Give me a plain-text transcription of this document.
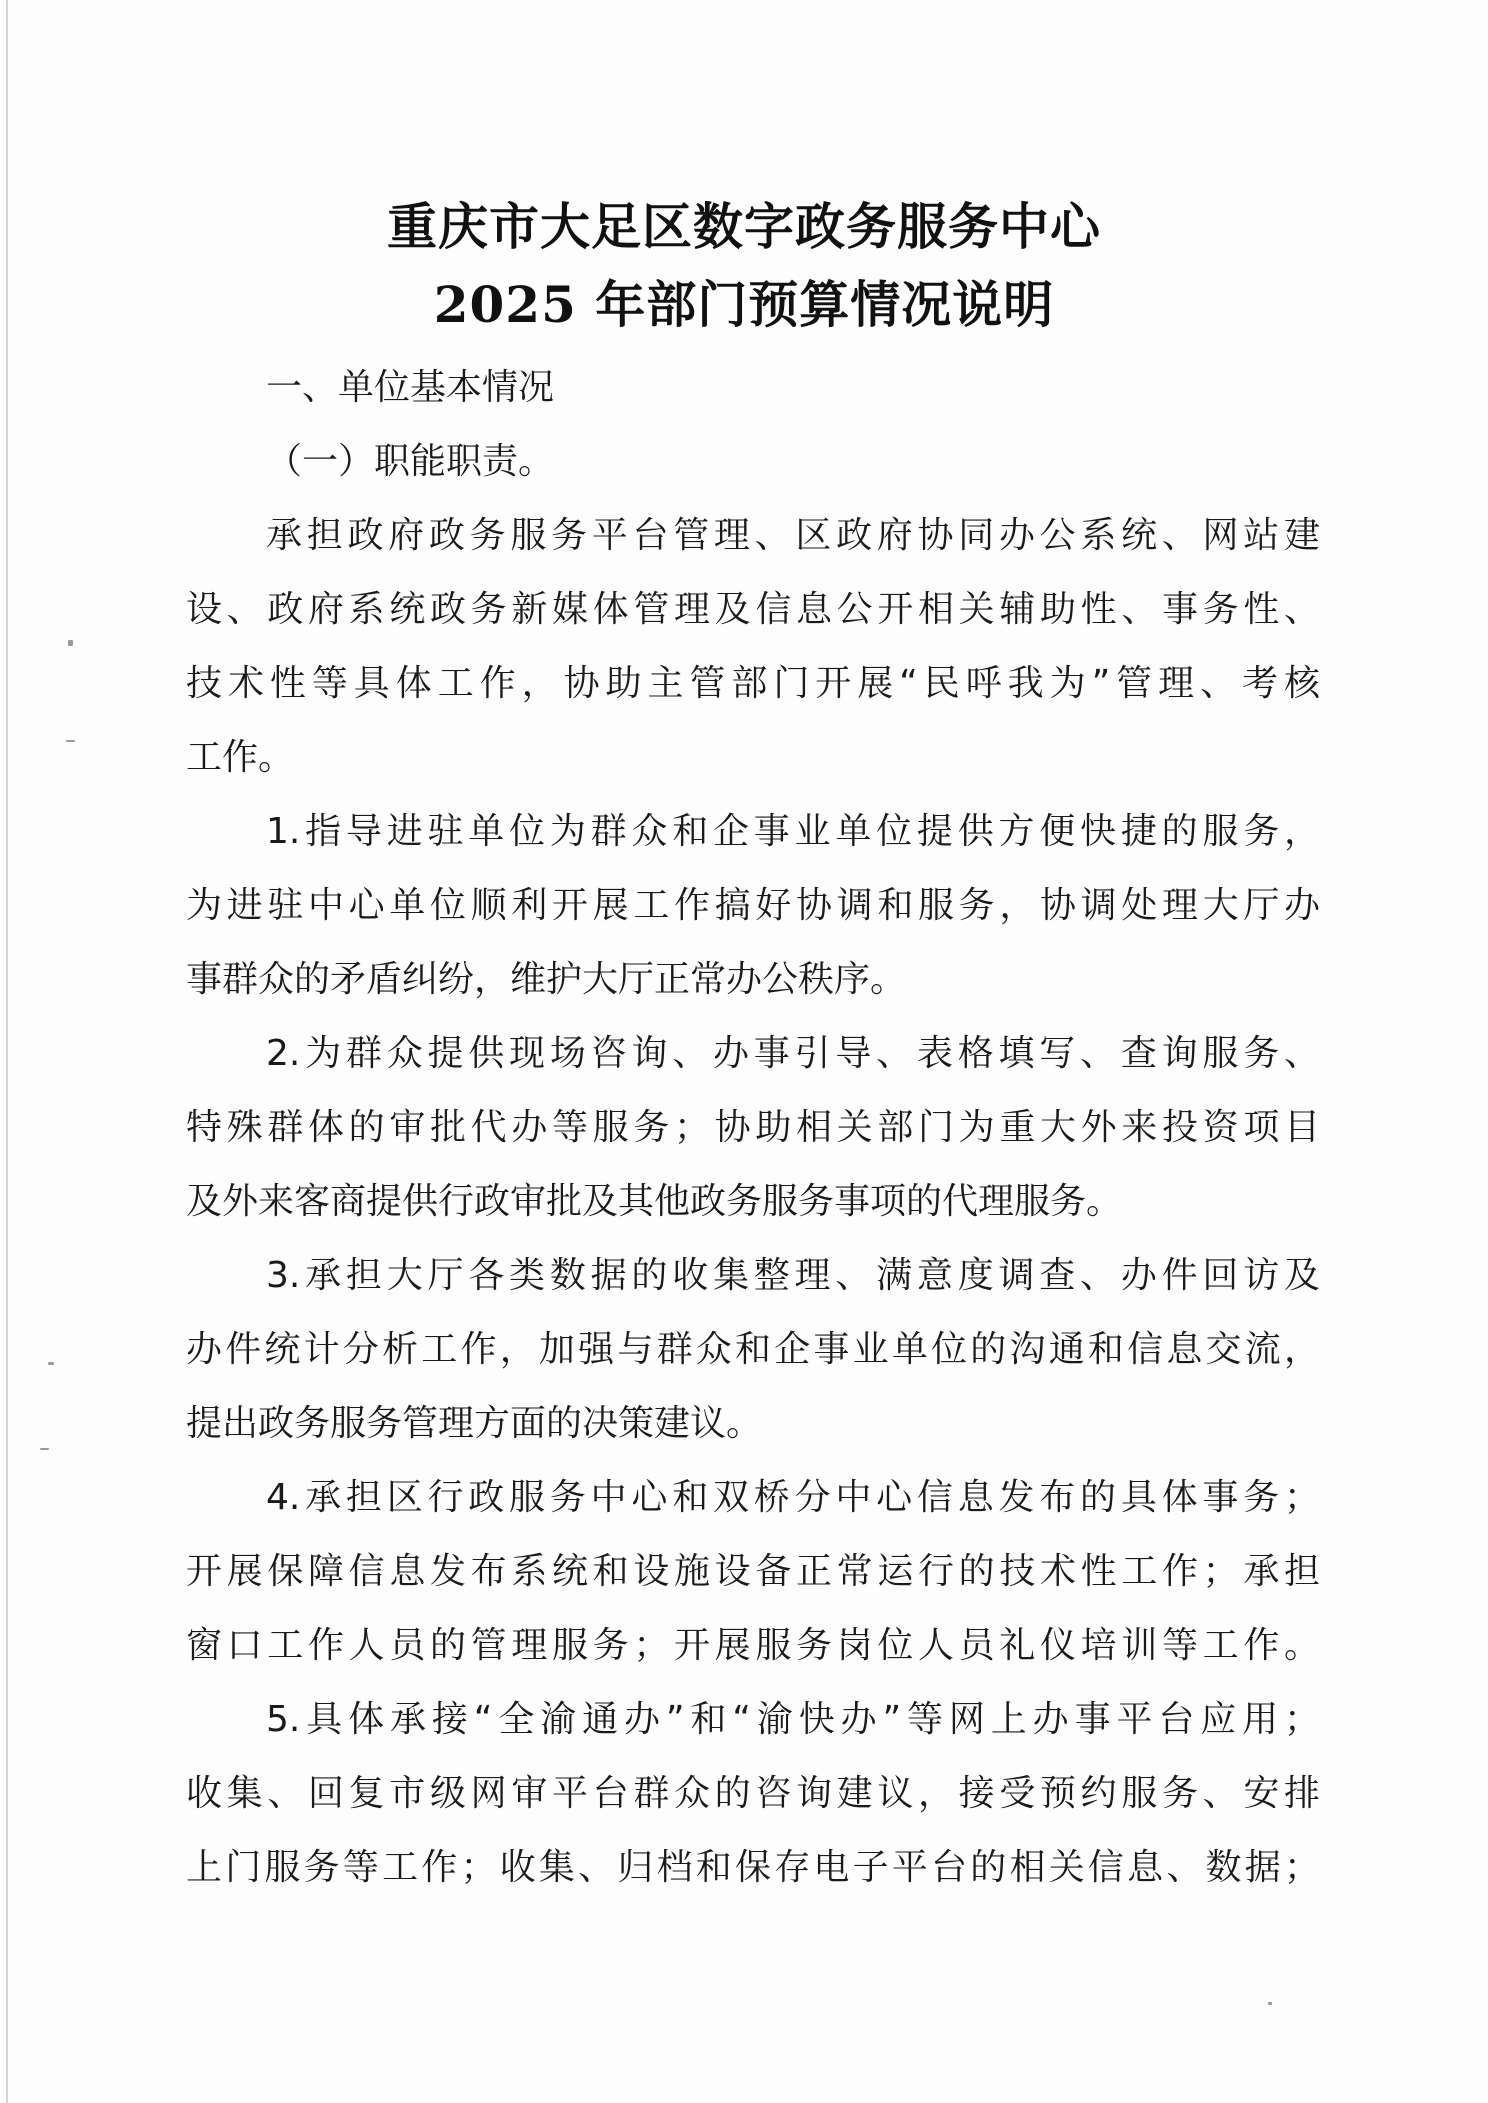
重庆市大足区数字政务服务中心
2025 年部门预算情况说明
一、单位基本情况
（一）职能职责。
承担政府政务服务平台管理、区政府协同办公系统、网站建
设、政府系统政务新媒体管理及信息公开相关辅助性、事务性、
技术性等具体工作，协助主管部门开展“民呼我为”管理、考核
工作。
1.指导进驻单位为群众和企事业单位提供方便快捷的服务，
为进驻中心单位顺利开展工作搞好协调和服务，协调处理大厅办
事群众的矛盾纠纷，维护大厅正常办公秩序。
2.为群众提供现场咨询、办事引导、表格填写、查询服务、
特殊群体的审批代办等服务；协助相关部门为重大外来投资项目
及外来客商提供行政审批及其他政务服务事项的代理服务。
3.承担大厅各类数据的收集整理、满意度调查、办件回访及
办件统计分析工作，加强与群众和企事业单位的沟通和信息交流，
提出政务服务管理方面的决策建议。
4.承担区行政服务中心和双桥分中心信息发布的具体事务；
开展保障信息发布系统和设施设备正常运行的技术性工作；承担
窗口工作人员的管理服务；开展服务岗位人员礼仪培训等工作。
5.具体承接“全渝通办”和“渝快办”等网上办事平台应用；
收集、回复市级网审平台群众的咨询建议，接受预约服务、安排
上门服务等工作；收集、归档和保存电子平台的相关信息、数据；
